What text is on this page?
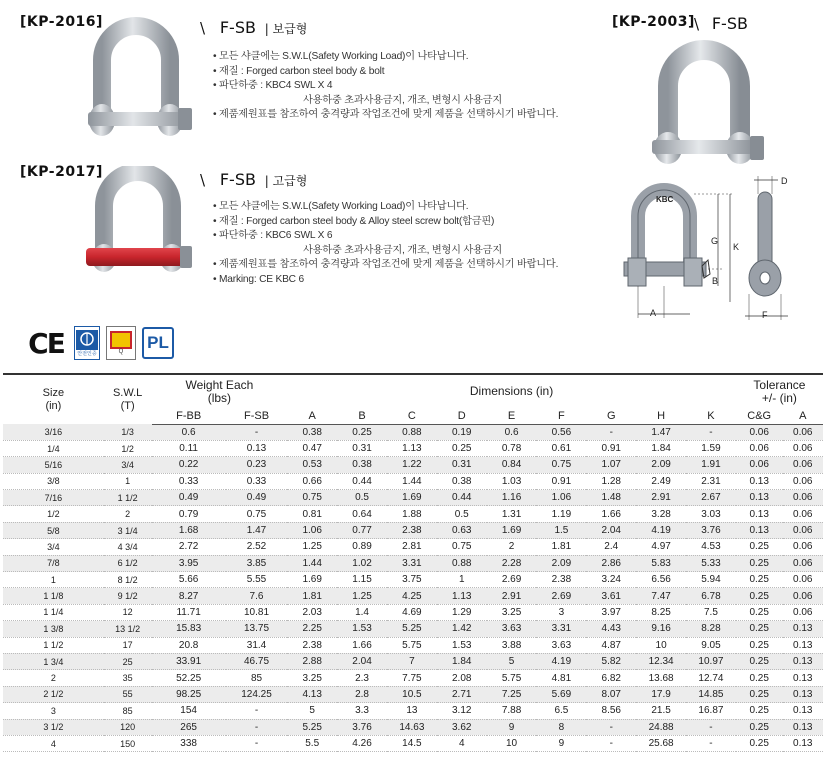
[KP-2016]	\ F-SB | 보급형
• 모든 샤클에는 S.W.L(Safety Working Load)이 나타납니다.
• 재질 : Forged carbon steel body & bolt
• 파단하중 : KBC4 SWL X 4
사용하중 초과사용금지, 개조, 변형시 사용금지
• 제품제원표를 참조하여 충격량과 작업조건에 맞게 제품을 선택하시기 바랍니다.
[KP-2017]	\ F-SB | 고급형
• 모든 샤클에는 S.W.L(Safety Working Load)이 나타납니다.
• 재질 : Forged carbon steel body & Alloy steel screw bolt(합금핀)
• 파단하중 : KBC6 SWL X 6
사용하중 초과사용금지, 개조, 변형시 사용금지
• 제품제원표를 참조하여 충격량과 작업조건에 맞게 제품을 선택하시기 바랍니다.
• Marking: CE KBC 6
[KP-2003] \ F-SB
KBC
G
K
B
A
D
F
CE	안전인증	Q PL
Size
(in)	S.W.L
(T)	Weight Each
(lbs)		Dimensions (in)									Tolerance
+/- (in)	
		F-BB	F-SB	A	B	C	D	E	F	G	H	K	C&G	A
3/16	1/3	0.6	-	0.38	0.25	0.88	0.19	0.6	0.56	-	1.47	-	0.06	0.06
1/4	1/2	0.11	0.13	0.47	0.31	1.13	0.25	0.78	0.61	0.91	1.84	1.59	0.06	0.06
5/16	3/4	0.22	0.23	0.53	0.38	1.22	0.31	0.84	0.75	1.07	2.09	1.91	0.06	0.06
3/8	1	0.33	0.33	0.66	0.44	1.44	0.38	1.03	0.91	1.28	2.49	2.31	0.13	0.06
7/16	1 1/2	0.49	0.49	0.75	0.5	1.69	0.44	1.16	1.06	1.48	2.91	2.67	0.13	0.06
1/2	2	0.79	0.75	0.81	0.64	1.88	0.5	1.31	1.19	1.66	3.28	3.03	0.13	0.06
5/8	3 1/4	1.68	1.47	1.06	0.77	2.38	0.63	1.69	1.5	2.04	4.19	3.76	0.13	0.06
3/4	4 3/4	2.72	2.52	1.25	0.89	2.81	0.75	2	1.81	2.4	4.97	4.53	0.25	0.06
7/8	6 1/2	3.95	3.85	1.44	1.02	3.31	0.88	2.28	2.09	2.86	5.83	5.33	0.25	0.06
1	8 1/2	5.66	5.55	1.69	1.15	3.75	1	2.69	2.38	3.24	6.56	5.94	0.25	0.06
1 1/8	9 1/2	8.27	7.6	1.81	1.25	4.25	1.13	2.91	2.69	3.61	7.47	6.78	0.25	0.06
1 1/4	12	11.71	10.81	2.03	1.4	4.69	1.29	3.25	3	3.97	8.25	7.5	0.25	0.06
1 3/8	13 1/2	15.83	13.75	2.25	1.53	5.25	1.42	3.63	3.31	4.43	9.16	8.28	0.25	0.13
1 1/2	17	20.8	31.4	2.38	1.66	5.75	1.53	3.88	3.63	4.87	10	9.05	0.25	0.13
1 3/4	25	33.91	46.75	2.88	2.04	7	1.84	5	4.19	5.82	12.34	10.97	0.25	0.13
2	35	52.25	85	3.25	2.3	7.75	2.08	5.75	4.81	6.82	13.68	12.74	0.25	0.13
2 1/2	55	98.25	124.25	4.13	2.8	10.5	2.71	7.25	5.69	8.07	17.9	14.85	0.25	0.13
3	85	154	-	5	3.3	13	3.12	7.88	6.5	8.56	21.5	16.87	0.25	0.13
3 1/2	120	265	-	5.25	3.76	14.63	3.62	9	8	-	24.88	-	0.25	0.13
4	150	338	-	5.5	4.26	14.5	4	10	9	-	25.68	-	0.25	0.13
